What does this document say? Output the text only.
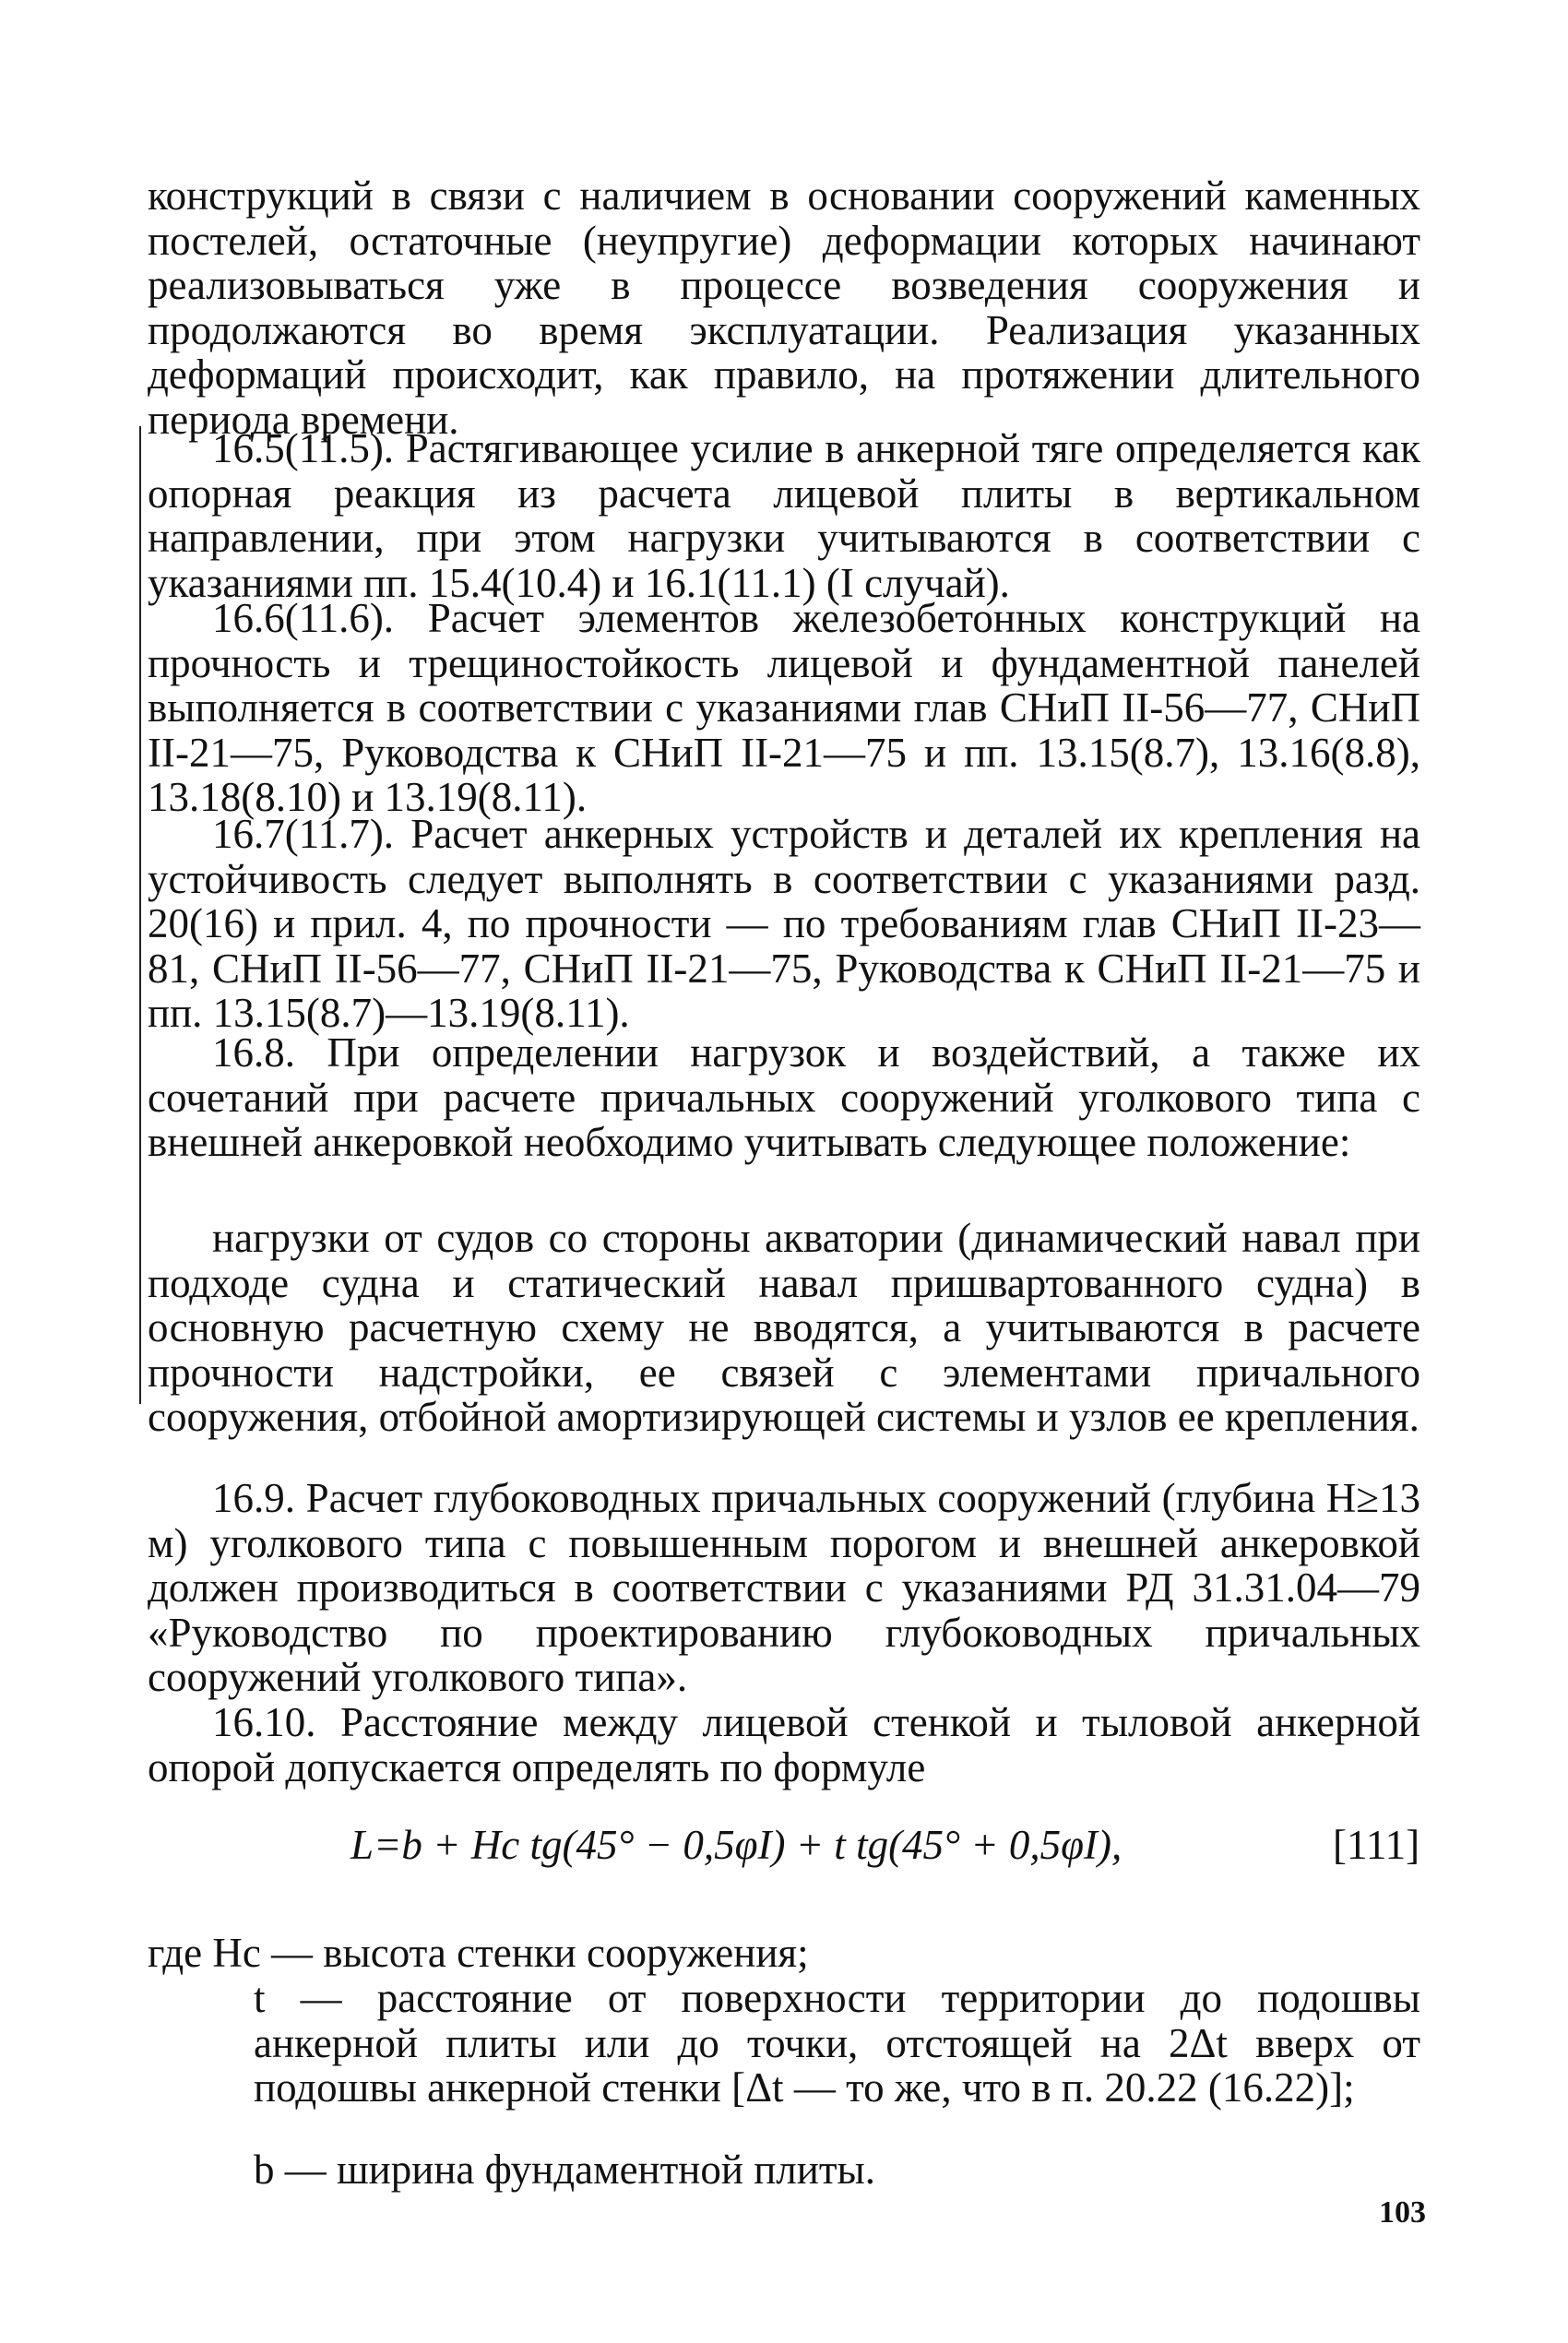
конструкций в связи с наличием в основании сооружений каменных постелей, остаточные (неупругие) деформации которых начинают реализовываться уже в процессе возведения сооружения и продолжаются во время эксплуатации. Реализация указанных деформаций происходит, как правило, на протяжении длительного периода времени.

16.5(11.5). Растягивающее усилие в анкерной тяге определяется как опорная реакция из расчета лицевой плиты в вертикальном направлении, при этом нагрузки учитываются в соответствии с указаниями пп. 15.4(10.4) и 16.1(11.1) (I случай).

16.6(11.6). Расчет элементов железобетонных конструкций на прочность и трещиностойкость лицевой и фундаментной панелей выполняется в соответствии с указаниями глав СНиП II-56—77, СНиП II-21—75, Руководства к СНиП II-21—75 и пп. 13.15(8.7), 13.16(8.8), 13.18(8.10) и 13.19(8.11).

16.7(11.7). Расчет анкерных устройств и деталей их крепления на устойчивость следует выполнять в соответствии с указаниями разд. 20(16) и прил. 4, по прочности — по требованиям глав СНиП II-23—81, СНиП II-56—77, СНиП II-21—75, Руководства к СНиП II-21—75 и пп. 13.15(8.7)—13.19(8.11).

16.8. При определении нагрузок и воздействий, а также их сочетаний при расчете причальных сооружений уголкового типа с внешней анкеровкой необходимо учитывать следующее положение:

нагрузки от судов со стороны акватории (динамический навал при подходе судна и статический навал пришвартованного судна) в основную расчетную схему не вводятся, а учитываются в расчете прочности надстройки, ее связей с элементами причального сооружения, отбойной амортизирующей системы и узлов ее крепления.

16.9. Расчет глубоководных причальных сооружений (глубина H≥13 м) уголкового типа с повышенным порогом и внешней анкеровкой должен производиться в соответствии с указаниями РД 31.31.04—79 «Руководство по проектированию глубоководных причальных сооружений уголкового типа».

16.10. Расстояние между лицевой стенкой и тыловой анкерной опорой допускается определять по формуле

L=b + Hc tg(45° − 0,5φI) + t tg(45° + 0,5φI),	[111]

где Hc — высота стенки сооружения;

t — расстояние от поверхности территории до подошвы анкерной плиты или до точки, отстоящей на 2Δt вверх от подошвы анкерной стенки [Δt — то же, что в п. 20.22 (16.22)];

b — ширина фундаментной плиты.

103
